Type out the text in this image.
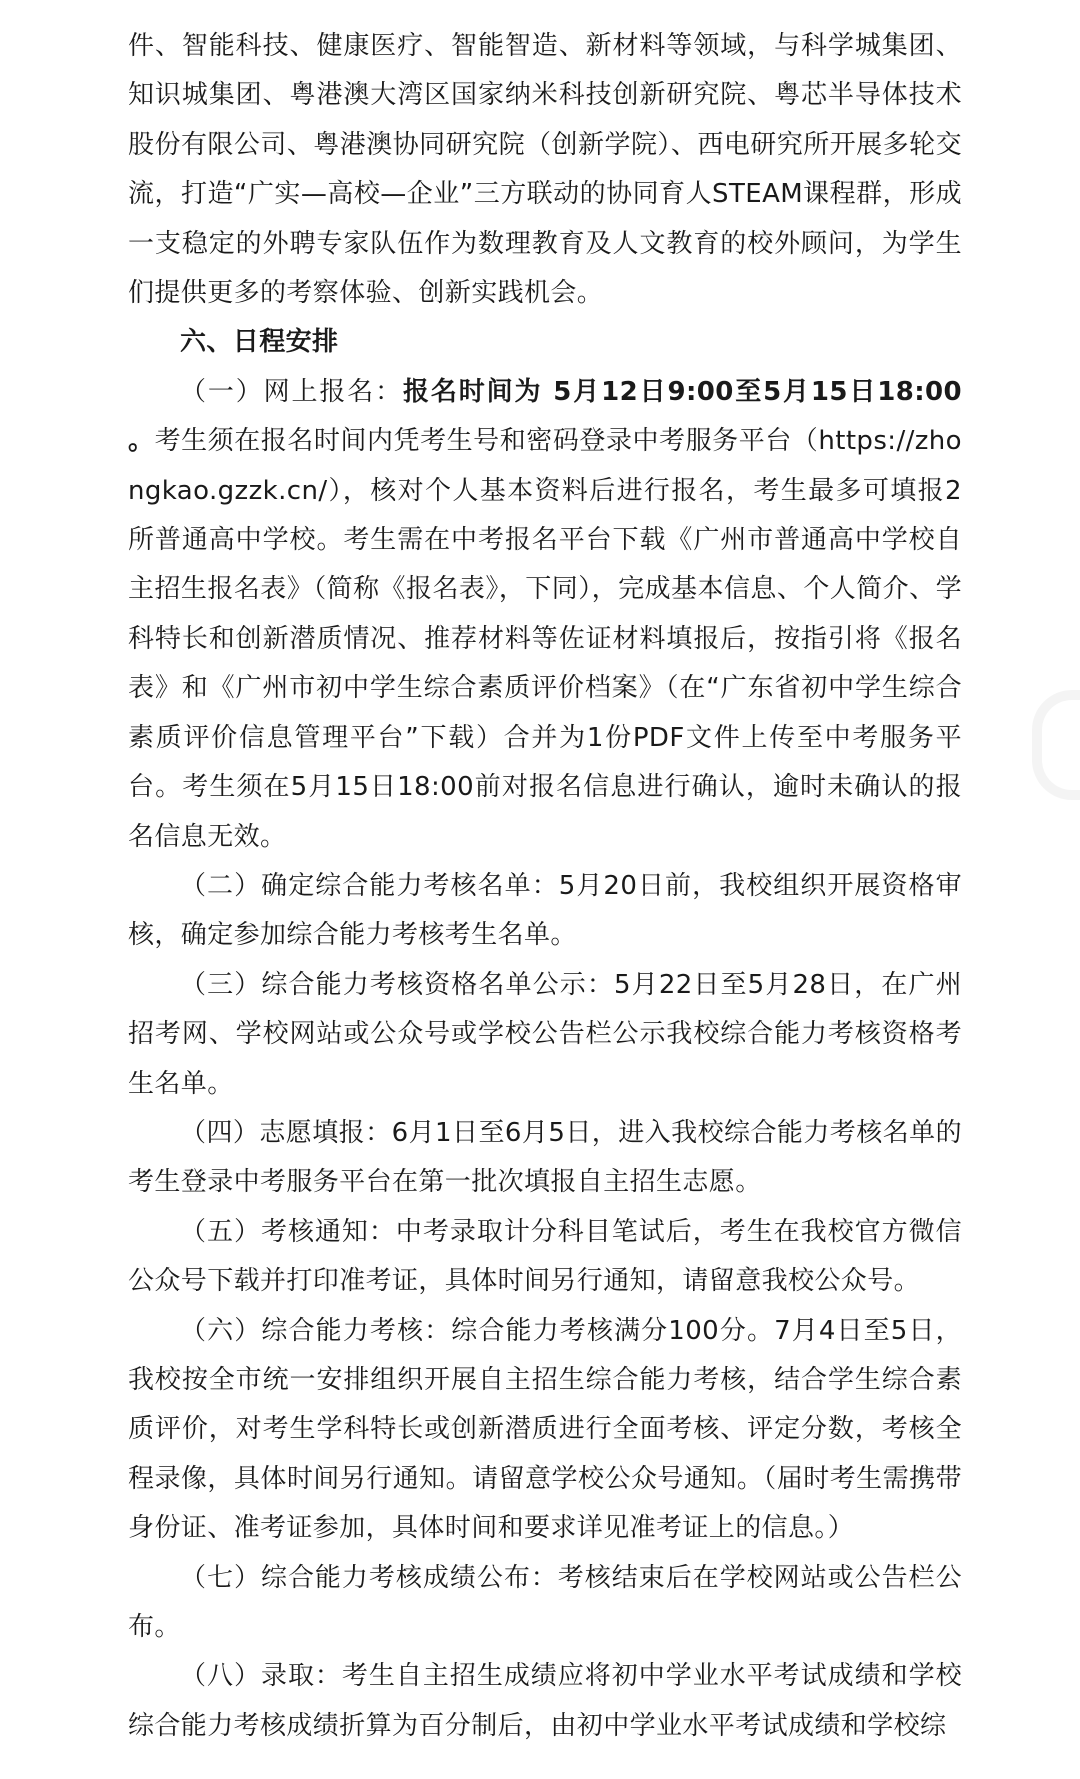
件、智能科技、健康医疗、智能智造、新材料等领域，与科学城集团、知识城集团、粤港澳大湾区国家纳米科技创新研究院、粤芯半导体技术股份有限公司、粤港澳协同研究院（创新学院）、西电研究所开展多轮交流，打造“广实—高校—企业”三方联动的协同育人STEAM课程群，形成一支稳定的外聘专家队伍作为数理教育及人文教育的校外顾问，为学生们提供更多的考察体验、创新实践机会。

六、日程安排

（一）网上报名：报名时间为 5月12日9:00至5月15日18:00 。考生须在报名时间内凭考生号和密码登录中考服务平台（https://zhongkao.gzzk.cn/），核对个人基本资料后进行报名，考生最多可填报2所普通高中学校。考生需在中考报名平台下载《广州市普通高中学校自主招生报名表》（简称《报名表》，下同），完成基本信息、个人简介、学科特长和创新潜质情况、推荐材料等佐证材料填报后，按指引将《报名表》和《广州市初中学生综合素质评价档案》（在“广东省初中学生综合素质评价信息管理平台”下载）合并为1份PDF文件上传至中考服务平台。考生须在5月15日18:00前对报名信息进行确认，逾时未确认的报名信息无效。

（二）确定综合能力考核名单：5月20日前，我校组织开展资格审核，确定参加综合能力考核考生名单。

（三）综合能力考核资格名单公示：5月22日至5月28日，在广州招考网、学校网站或公众号或学校公告栏公示我校综合能力考核资格考生名单。

（四）志愿填报：6月1日至6月5日，进入我校综合能力考核名单的考生登录中考服务平台在第一批次填报自主招生志愿。

（五）考核通知：中考录取计分科目笔试后，考生在我校官方微信公众号下载并打印准考证，具体时间另行通知，请留意我校公众号。

（六）综合能力考核：综合能力考核满分100分。7月4日至5日，我校按全市统一安排组织开展自主招生综合能力考核，结合学生综合素质评价，对考生学科特长或创新潜质进行全面考核、评定分数，考核全程录像，具体时间另行通知。请留意学校公众号通知。（届时考生需携带身份证、准考证参加，具体时间和要求详见准考证上的信息。）

（七）综合能力考核成绩公布：考核结束后在学校网站或公告栏公布。

（八）录取：考生自主招生成绩应将初中学业水平考试成绩和学校综合能力考核成绩折算为百分制后，由初中学业水平考试成绩和学校综
